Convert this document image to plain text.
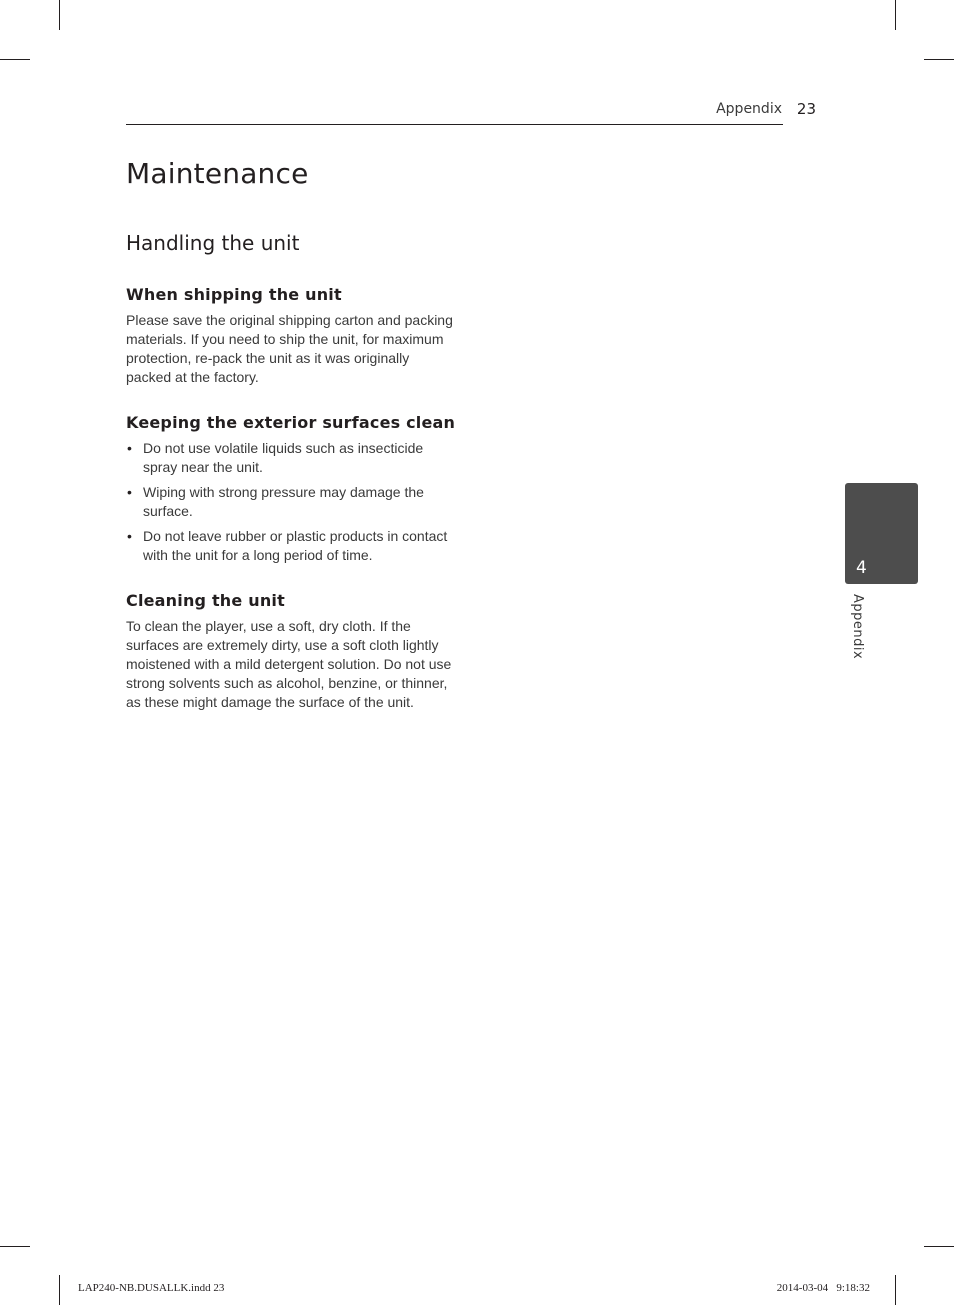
Appendix 23
Maintenance
Handling the unit
When shipping the unit

Please save the original shipping carton and packing materials. If you need to ship the unit, for maximum protection, re-pack the unit as it was originally packed at the factory.

Keeping the exterior surfaces clean
• Do not use volatile liquids such as insecticide spray near the unit.
• Wiping with strong pressure may damage the surface.
• Do not leave rubber or plastic products in contact with the unit for a long period of time.
Cleaning the unit

To clean the player, use a soft, dry cloth. If the surfaces are extremely dirty, use a soft cloth lightly moistened with a mild detergent solution. Do not use strong solvents such as alcohol, benzine, or thinner, as these might damage the surface of the unit.

4
Appendix
LAP240-NB.DUSALLK.indd 23	2014-03-04   9:18:32
